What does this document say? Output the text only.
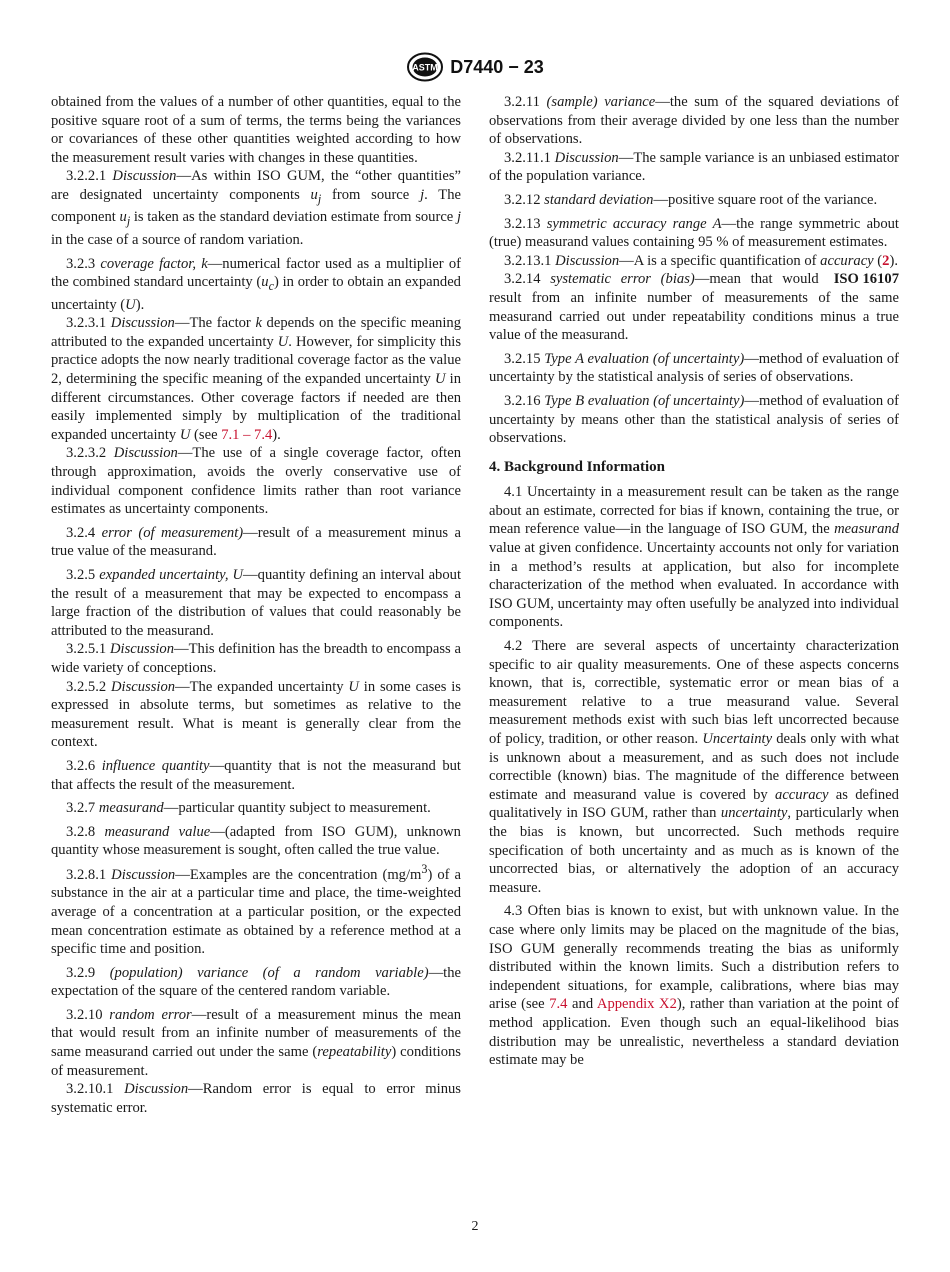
ASTM D7440 − 23

obtained from the values of a number of other quantities, equal to the positive square root of a sum of terms, the terms being the variances or covariances of these other quantities weighted according to how the measurement result varies with changes in these quantities.

3.2.2.1 Discussion—As within ISO GUM, the “other quantities” are designated uncertainty components $u_j$ from source j. The component $u_j$ is taken as the standard deviation estimate from source j in the case of a source of random variation.

3.2.3 coverage factor, k—numerical factor used as a multiplier of the combined standard uncertainty $(u_c)$ in order to obtain an expanded uncertainty (U).

3.2.3.1 Discussion—The factor k depends on the specific meaning attributed to the expanded uncertainty U. However, for simplicity this practice adopts the now nearly traditional coverage factor as the value 2, determining the specific meaning of the expanded uncertainty U in different circumstances. Other coverage factors if needed are then easily implemented simply by multiplication of the traditional expanded uncertainty U (see 7.1 – 7.4).

3.2.3.2 Discussion—The use of a single coverage factor, often through approximation, avoids the overly conservative use of individual component confidence limits rather than root variance estimates as uncertainty components.

3.2.4 error (of measurement)—result of a measurement minus a true value of the measurand.

3.2.5 expanded uncertainty, U—quantity defining an interval about the result of a measurement that may be expected to encompass a large fraction of the distribution of values that could reasonably be attributed to the measurand.

3.2.5.1 Discussion—This definition has the breadth to encompass a wide variety of conceptions.

3.2.5.2 Discussion—The expanded uncertainty U in some cases is expressed in absolute terms, but sometimes as relative to the measurement result. What is meant is generally clear from the context.

3.2.6 influence quantity—quantity that is not the measurand but that affects the result of the measurement.

3.2.7 measurand—particular quantity subject to measurement.

3.2.8 measurand value—(adapted from ISO GUM), unknown quantity whose measurement is sought, often called the true value.

3.2.8.1 Discussion—Examples are the concentration $(mg/m^3)$ of a substance in the air at a particular time and place, the time-weighted average of a concentration at a particular position, or the expected mean concentration estimate as obtained by a reference method at a specific time and position.

3.2.9 (population) variance (of a random variable)—the expectation of the square of the centered random variable.

3.2.10 random error—result of a measurement minus the mean that would result from an infinite number of measurements of the same measurand carried out under the same (repeatability) conditions of measurement.

3.2.10.1 Discussion—Random error is equal to error minus systematic error.

3.2.11 (sample) variance—the sum of the squared deviations of observations from their average divided by one less than the number of observations.

3.2.11.1 Discussion—The sample variance is an unbiased estimator of the population variance.

3.2.12 standard deviation—positive square root of the variance.

3.2.13 symmetric accuracy range A—the range symmetric about (true) measurand values containing 95 % of measurement estimates.

3.2.13.1 Discussion—A is a specific quantification of accuracy (2).
ISO 16107

3.2.14 systematic error (bias)—mean that would result from an infinite number of measurements of the same measurand carried out under repeatability conditions minus a true value of the measurand.

3.2.15 Type A evaluation (of uncertainty)—method of evaluation of uncertainty by the statistical analysis of series of observations.

3.2.16 Type B evaluation (of uncertainty)—method of evaluation of uncertainty by means other than the statistical analysis of series of observations.

4. Background Information

4.1 Uncertainty in a measurement result can be taken as the range about an estimate, corrected for bias if known, containing the true, or mean reference value—in the language of ISO GUM, the measurand value at given confidence. Uncertainty accounts not only for variation in a method’s results at application, but also for incomplete characterization of the method when evaluated. In accordance with ISO GUM, uncertainty may often usefully be analyzed into individual components.

4.2 There are several aspects of uncertainty characterization specific to air quality measurements. One of these aspects concerns known, that is, correctible, systematic error or mean bias of a measurement relative to a true measurand value. Several measurement methods exist with such bias left uncorrected because of policy, tradition, or other reason. Uncertainty deals only with what is unknown about a measurement, and as such does not include correctible (known) bias. The magnitude of the difference between estimate and measurand value is covered by accuracy as defined qualitatively in ISO GUM, rather than uncertainty, particularly when the bias is known, but uncorrected. Such methods require specification of both uncertainty and as much as is known of the uncorrected bias, or alternatively the adoption of an accuracy measure.

4.3 Often bias is known to exist, but with unknown value. In the case where only limits may be placed on the magnitude of the bias, ISO GUM generally recommends treating the bias as uniformly distributed within the known limits. Such a distribution refers to independent situations, for example, calibrations, where bias may arise (see 7.4 and Appendix X2), rather than variation at the point of method application. Even though such an equal-likelihood bias distribution may be unrealistic, nevertheless a standard deviation estimate may be

2
